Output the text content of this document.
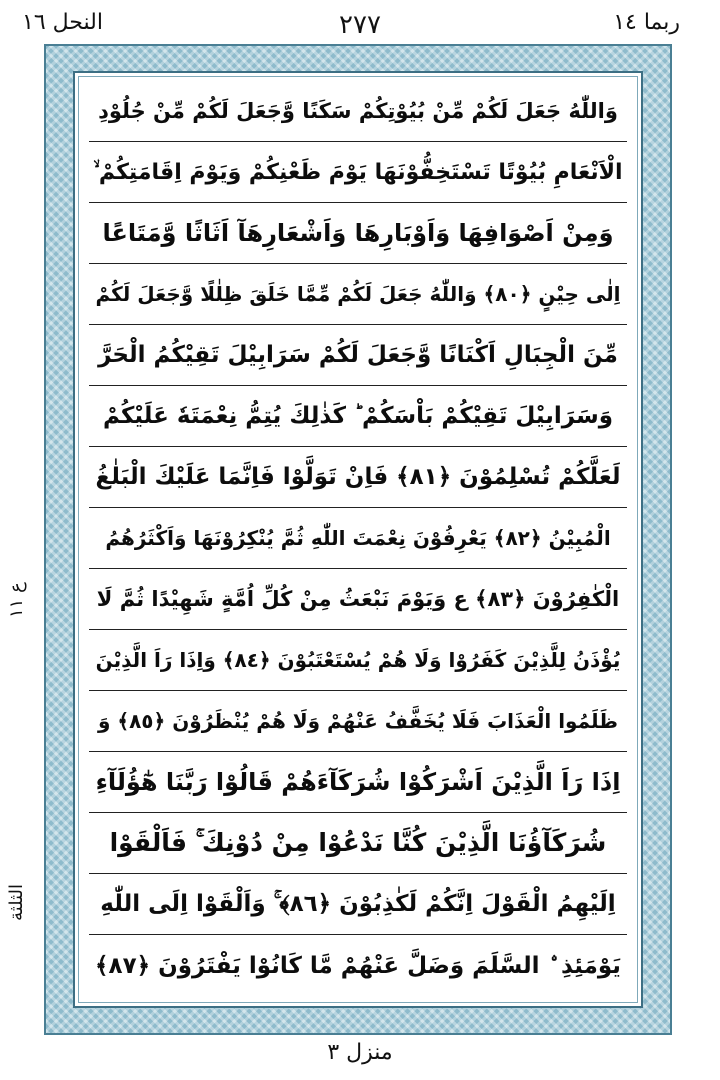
النحل ١٦	٢٧٧	ربما ١٤
ع ١١
الثلثة
وَاللّٰهُ جَعَلَ لَكُمْ مِّنْ بُيُوْتِكُمْ سَكَنًا وَّجَعَلَ لَكُمْ مِّنْ جُلُوْدِ
الْاَنْعَامِ بُيُوْتًا تَسْتَخِفُّوْنَهَا يَوْمَ ظَعْنِكُمْ وَيَوْمَ اِقَامَتِكُمْ ۙ
وَمِنْ اَصْوَافِهَا وَاَوْبَارِهَا وَاَشْعَارِهَآ اَثَاثًا وَّمَتَاعًا
اِلٰى حِيْنٍ ﴿٨٠﴾ وَاللّٰهُ جَعَلَ لَكُمْ مِّمَّا خَلَقَ ظِلٰلًا وَّجَعَلَ لَكُمْ
مِّنَ الْجِبَالِ اَكْنَانًا وَّجَعَلَ لَكُمْ سَرَابِيْلَ تَقِيْكُمُ الْحَرَّ
وَسَرَابِيْلَ تَقِيْكُمْ بَاْسَكُمْ ؕ كَذٰلِكَ يُتِمُّ نِعْمَتَهٗ عَلَيْكُمْ
لَعَلَّكُمْ تُسْلِمُوْنَ ﴿٨١﴾ فَاِنْ تَوَلَّوْا فَاِنَّمَا عَلَيْكَ الْبَلٰغُ
الْمُبِيْنُ ﴿٨٢﴾ يَعْرِفُوْنَ نِعْمَتَ اللّٰهِ ثُمَّ يُنْكِرُوْنَهَا وَاَكْثَرُهُمُ
الْكٰفِرُوْنَ ﴿٨٣﴾ ع وَيَوْمَ نَبْعَثُ مِنْ كُلِّ اُمَّةٍ شَهِيْدًا ثُمَّ لَا
يُؤْذَنُ لِلَّذِيْنَ كَفَرُوْا وَلَا هُمْ يُسْتَعْتَبُوْنَ ﴿٨٤﴾ وَاِذَا رَاَ الَّذِيْنَ
ظَلَمُوا الْعَذَابَ فَلَا يُخَفَّفُ عَنْهُمْ وَلَا هُمْ يُنْظَرُوْنَ ﴿٨٥﴾ وَ
اِذَا رَاَ الَّذِيْنَ اَشْرَكُوْا شُرَكَآءَهُمْ قَالُوْا رَبَّنَا هٰٓؤُلَآءِ
شُرَكَآؤُنَا الَّذِيْنَ كُنَّا نَدْعُوْا مِنْ دُوْنِكَ ۚ فَاَلْقَوْا
اِلَيْهِمُ الْقَوْلَ اِنَّكُمْ لَكٰذِبُوْنَ ﴿٨٦﴾ ۚ وَاَلْقَوْا اِلَى اللّٰهِ
يَوْمَئِذِ ۨ السَّلَمَ وَضَلَّ عَنْهُمْ مَّا كَانُوْا يَفْتَرُوْنَ ﴿٨٧﴾
منزل ٣
